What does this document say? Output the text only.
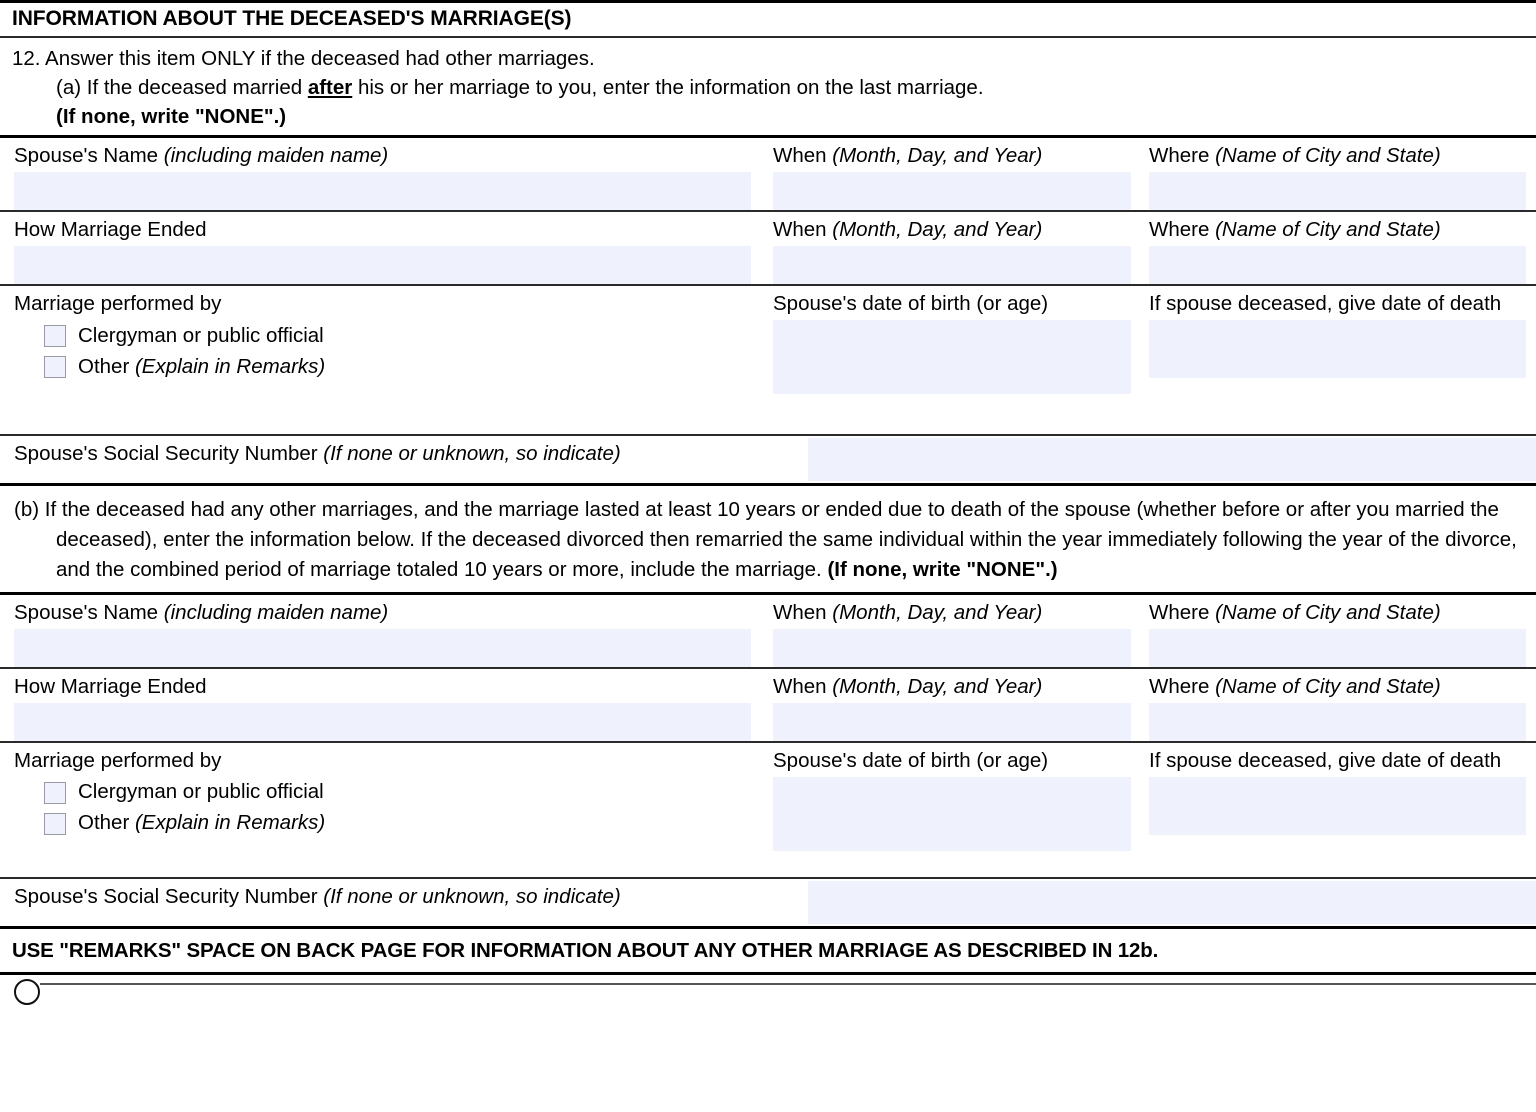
INFORMATION ABOUT THE DECEASED'S MARRIAGE(S)
12. Answer this item ONLY if the deceased had other marriages.
(a) If the deceased married after his or her marriage to you, enter the information on the last marriage.
(If none, write "NONE".)
Spouse's Name (including maiden name)	When (Month, Day, and Year)	Where (Name of City and State)
How Marriage Ended	When (Month, Day, and Year)	Where (Name of City and State)
Marriage performed by
Clergyman or public official
Other (Explain in Remarks)

Spouse's date of birth (or age)	If spouse deceased, give date of death
Spouse's Social Security Number (If none or unknown, so indicate)
(b) If the deceased had any other marriages, and the marriage lasted at least 10 years or ended due to death of the spouse (whether before or after you married the deceased), enter the information below. If the deceased divorced then remarried the same individual within the year immediately following the year of the divorce, and the combined period of marriage totaled 10 years or more, include the marriage. (If none, write "NONE".)
Spouse's Name (including maiden name)	When (Month, Day, and Year)	Where (Name of City and State)
How Marriage Ended	When (Month, Day, and Year)	Where (Name of City and State)
Marriage performed by
Clergyman or public official
Other (Explain in Remarks)

Spouse's date of birth (or age)	If spouse deceased, give date of death
Spouse's Social Security Number (If none or unknown, so indicate)
USE "REMARKS" SPACE ON BACK PAGE FOR INFORMATION ABOUT ANY OTHER MARRIAGE AS DESCRIBED IN 12b.
